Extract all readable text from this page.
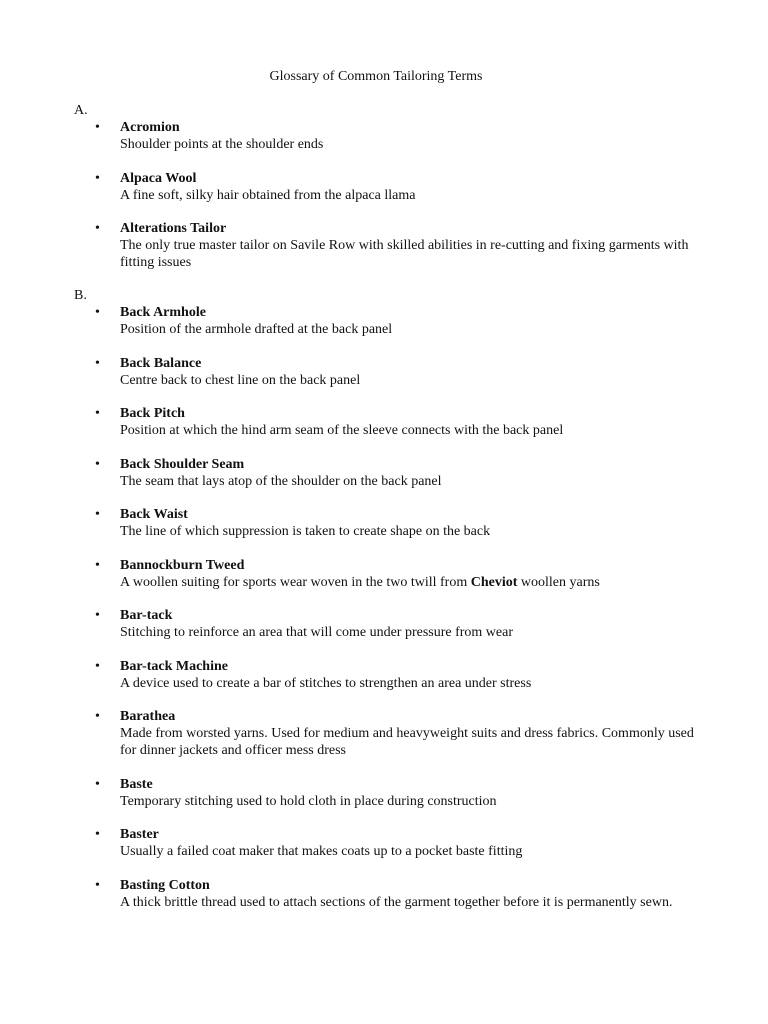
Glossary of Common Tailoring Terms
A.
• Acromion
Shoulder points at the shoulder ends
• Alpaca Wool
A fine soft, silky hair obtained from the alpaca llama
• Alterations Tailor
The only true master tailor on Savile Row with skilled abilities in re-cutting and fixing garments with fitting issues
B.
• Back Armhole
Position of the armhole drafted at the back panel
• Back Balance
Centre back to chest line on the back panel
• Back Pitch
Position at which the hind arm seam of the sleeve connects with the back panel
• Back Shoulder Seam
The seam that lays atop of the shoulder on the back panel
• Back Waist
The line of which suppression is taken to create shape on the back
• Bannockburn Tweed
A woollen suiting for sports wear woven in the two twill from Cheviot woollen yarns
• Bar-tack
Stitching to reinforce an area that will come under pressure from wear
• Bar-tack Machine
A device used to create a bar of stitches to strengthen an area under stress
• Barathea
Made from worsted yarns. Used for medium and heavyweight suits and dress fabrics. Commonly used for dinner jackets and officer mess dress
• Baste
Temporary stitching used to hold cloth in place during construction
• Baster
Usually a failed coat maker that makes coats up to a pocket baste fitting
• Basting Cotton
A thick brittle thread used to attach sections of the garment together before it is permanently sewn.
